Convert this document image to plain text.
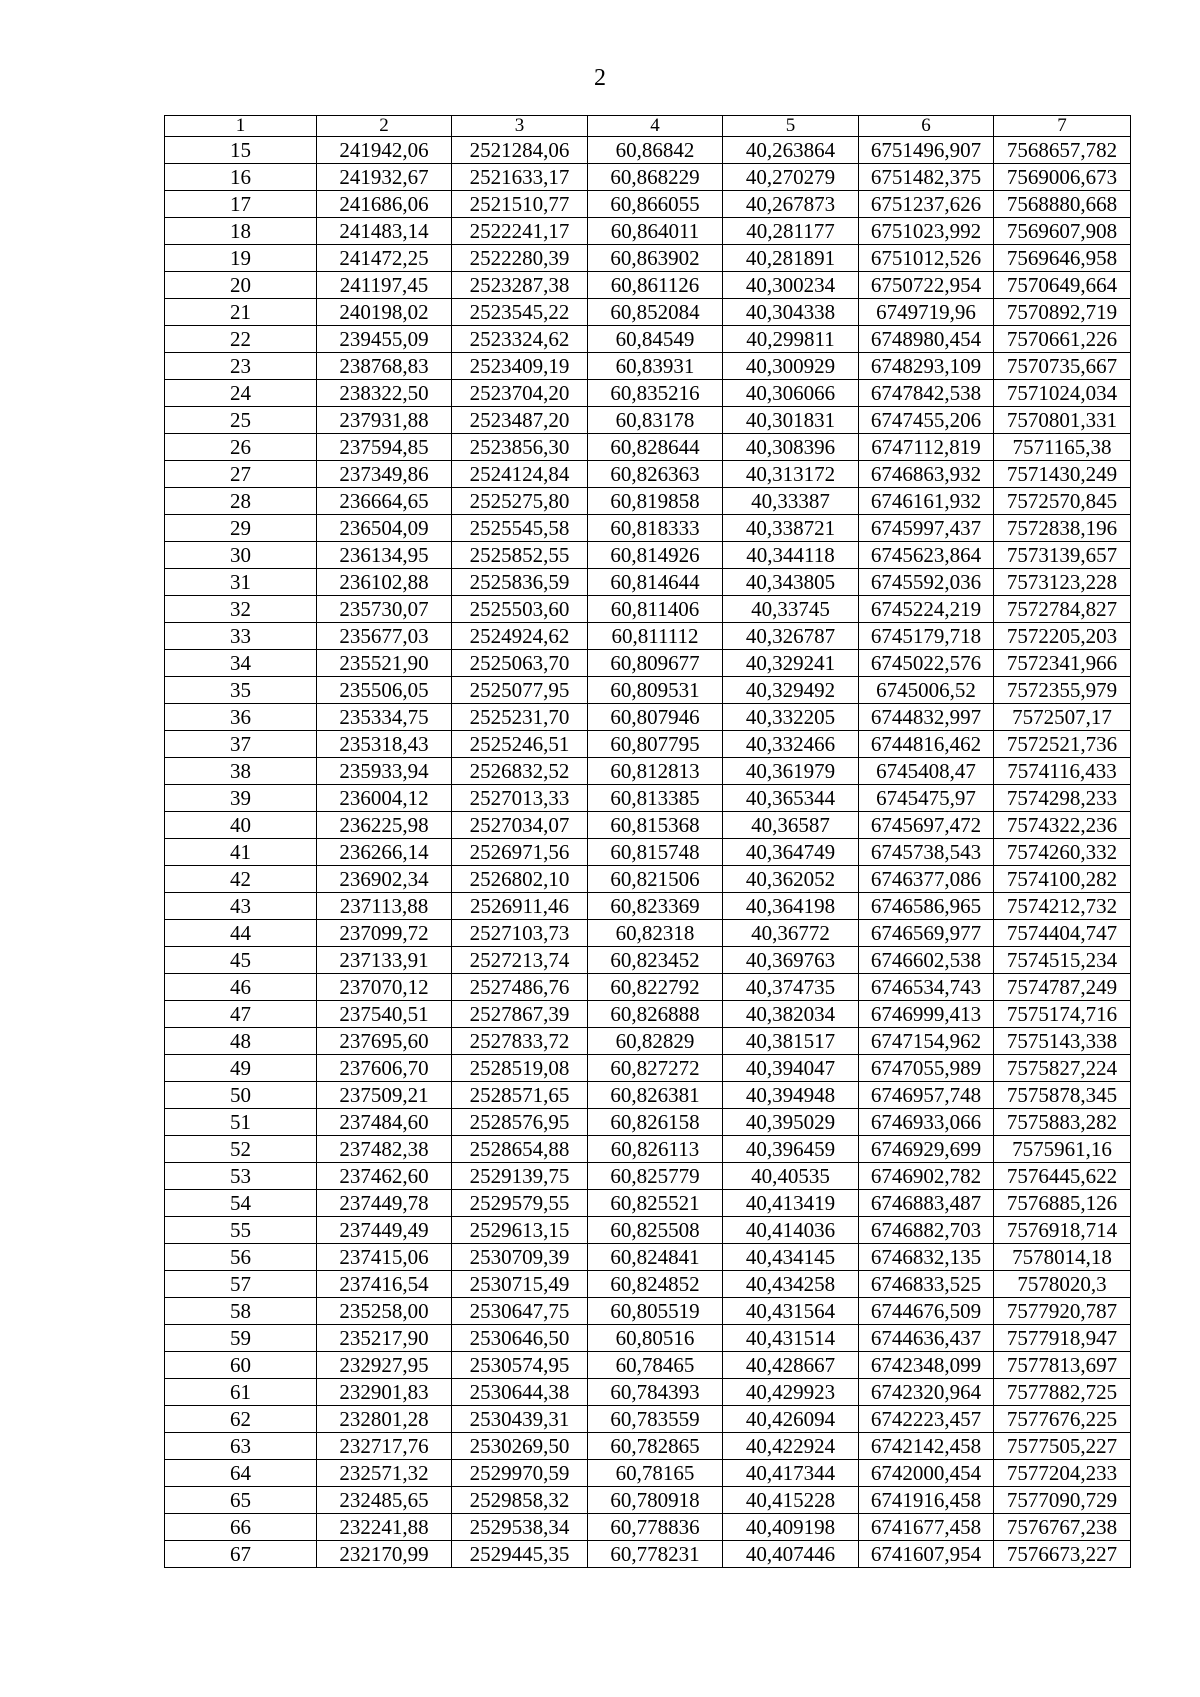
2
1	2	3	4	5	6	7
15	241942,06	2521284,06	60,86842	40,263864	6751496,907	7568657,782
16	241932,67	2521633,17	60,868229	40,270279	6751482,375	7569006,673
17	241686,06	2521510,77	60,866055	40,267873	6751237,626	7568880,668
18	241483,14	2522241,17	60,864011	40,281177	6751023,992	7569607,908
19	241472,25	2522280,39	60,863902	40,281891	6751012,526	7569646,958
20	241197,45	2523287,38	60,861126	40,300234	6750722,954	7570649,664
21	240198,02	2523545,22	60,852084	40,304338	6749719,96	7570892,719
22	239455,09	2523324,62	60,84549	40,299811	6748980,454	7570661,226
23	238768,83	2523409,19	60,83931	40,300929	6748293,109	7570735,667
24	238322,50	2523704,20	60,835216	40,306066	6747842,538	7571024,034
25	237931,88	2523487,20	60,83178	40,301831	6747455,206	7570801,331
26	237594,85	2523856,30	60,828644	40,308396	6747112,819	7571165,38
27	237349,86	2524124,84	60,826363	40,313172	6746863,932	7571430,249
28	236664,65	2525275,80	60,819858	40,33387	6746161,932	7572570,845
29	236504,09	2525545,58	60,818333	40,338721	6745997,437	7572838,196
30	236134,95	2525852,55	60,814926	40,344118	6745623,864	7573139,657
31	236102,88	2525836,59	60,814644	40,343805	6745592,036	7573123,228
32	235730,07	2525503,60	60,811406	40,33745	6745224,219	7572784,827
33	235677,03	2524924,62	60,811112	40,326787	6745179,718	7572205,203
34	235521,90	2525063,70	60,809677	40,329241	6745022,576	7572341,966
35	235506,05	2525077,95	60,809531	40,329492	6745006,52	7572355,979
36	235334,75	2525231,70	60,807946	40,332205	6744832,997	7572507,17
37	235318,43	2525246,51	60,807795	40,332466	6744816,462	7572521,736
38	235933,94	2526832,52	60,812813	40,361979	6745408,47	7574116,433
39	236004,12	2527013,33	60,813385	40,365344	6745475,97	7574298,233
40	236225,98	2527034,07	60,815368	40,36587	6745697,472	7574322,236
41	236266,14	2526971,56	60,815748	40,364749	6745738,543	7574260,332
42	236902,34	2526802,10	60,821506	40,362052	6746377,086	7574100,282
43	237113,88	2526911,46	60,823369	40,364198	6746586,965	7574212,732
44	237099,72	2527103,73	60,82318	40,36772	6746569,977	7574404,747
45	237133,91	2527213,74	60,823452	40,369763	6746602,538	7574515,234
46	237070,12	2527486,76	60,822792	40,374735	6746534,743	7574787,249
47	237540,51	2527867,39	60,826888	40,382034	6746999,413	7575174,716
48	237695,60	2527833,72	60,82829	40,381517	6747154,962	7575143,338
49	237606,70	2528519,08	60,827272	40,394047	6747055,989	7575827,224
50	237509,21	2528571,65	60,826381	40,394948	6746957,748	7575878,345
51	237484,60	2528576,95	60,826158	40,395029	6746933,066	7575883,282
52	237482,38	2528654,88	60,826113	40,396459	6746929,699	7575961,16
53	237462,60	2529139,75	60,825779	40,40535	6746902,782	7576445,622
54	237449,78	2529579,55	60,825521	40,413419	6746883,487	7576885,126
55	237449,49	2529613,15	60,825508	40,414036	6746882,703	7576918,714
56	237415,06	2530709,39	60,824841	40,434145	6746832,135	7578014,18
57	237416,54	2530715,49	60,824852	40,434258	6746833,525	7578020,3
58	235258,00	2530647,75	60,805519	40,431564	6744676,509	7577920,787
59	235217,90	2530646,50	60,80516	40,431514	6744636,437	7577918,947
60	232927,95	2530574,95	60,78465	40,428667	6742348,099	7577813,697
61	232901,83	2530644,38	60,784393	40,429923	6742320,964	7577882,725
62	232801,28	2530439,31	60,783559	40,426094	6742223,457	7577676,225
63	232717,76	2530269,50	60,782865	40,422924	6742142,458	7577505,227
64	232571,32	2529970,59	60,78165	40,417344	6742000,454	7577204,233
65	232485,65	2529858,32	60,780918	40,415228	6741916,458	7577090,729
66	232241,88	2529538,34	60,778836	40,409198	6741677,458	7576767,238
67	232170,99	2529445,35	60,778231	40,407446	6741607,954	7576673,227
